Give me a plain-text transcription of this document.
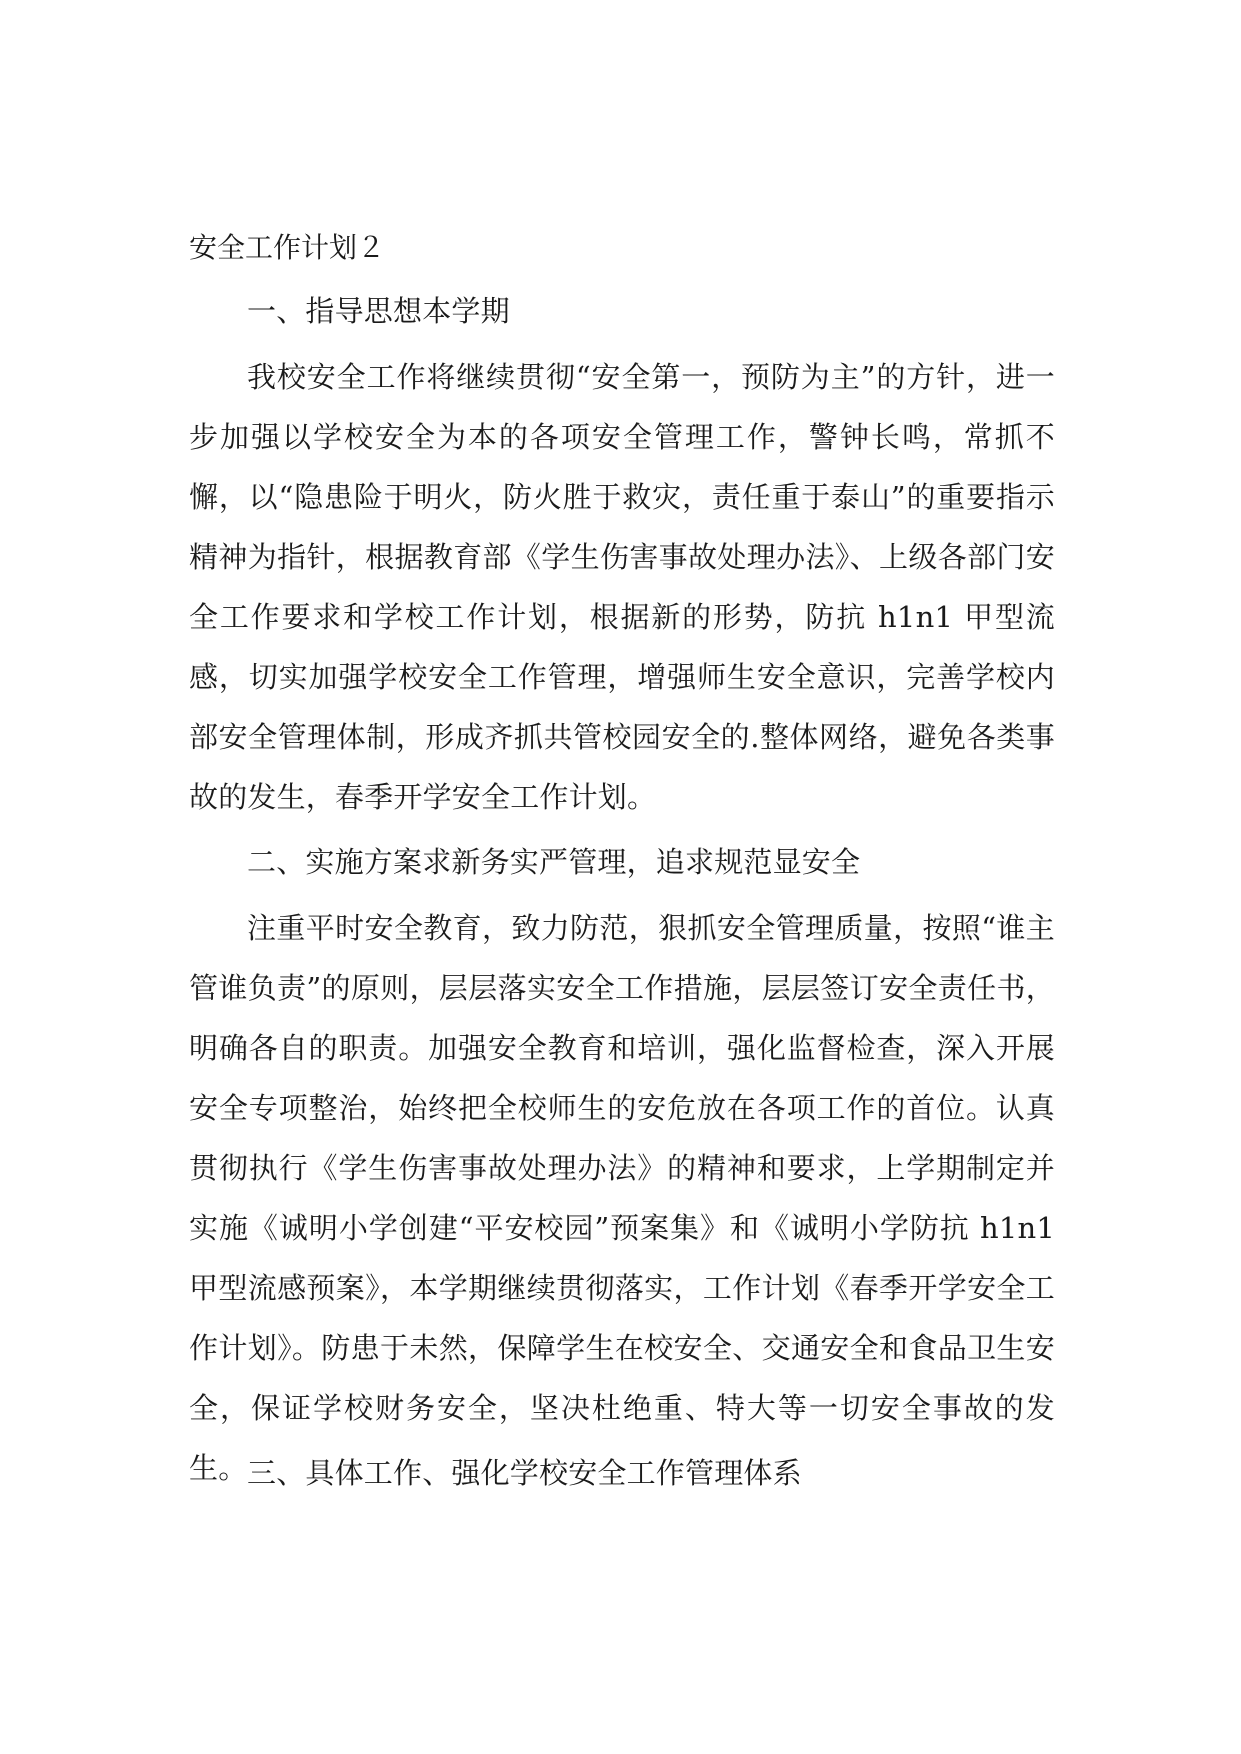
安全工作计划２

一、指导思想本学期

我校安全工作将继续贯彻“安全第一，预防为主”的方针，进一步加强以学校安全为本的各项安全管理工作，警钟长鸣，常抓不懈，以“隐患险于明火，防火胜于救灾，责任重于泰山”的重要指示精神为指针，根据教育部《学生伤害事故处理办法》、上级各部门安全工作要求和学校工作计划，根据新的形势，防抗 h1n1 甲型流感，切实加强学校安全工作管理，增强师生安全意识，完善学校内部安全管理体制，形成齐抓共管校园安全的.整体网络，避免各类事故的发生，春季开学安全工作计划。

二、实施方案求新务实严管理，追求规范显安全

注重平时安全教育，致力防范，狠抓安全管理质量，按照“谁主管谁负责”的原则，层层落实安全工作措施，层层签订安全责任书，明确各自的职责。加强安全教育和培训，强化监督检查，深入开展安全专项整治，始终把全校师生的安危放在各项工作的首位。认真贯彻执行《学生伤害事故处理办法》的精神和要求，上学期制定并实施《诚明小学创建“平安校园”预案集》和《诚明小学防抗 h1n1 甲型流感预案》，本学期继续贯彻落实，工作计划《春季开学安全工作计划》。防患于未然，保障学生在校安全、交通安全和食品卫生安全，保证学校财务安全，坚决杜绝重、特大等一切安全事故的发生。 三、具体工作、强化学校安全工作管理体系
